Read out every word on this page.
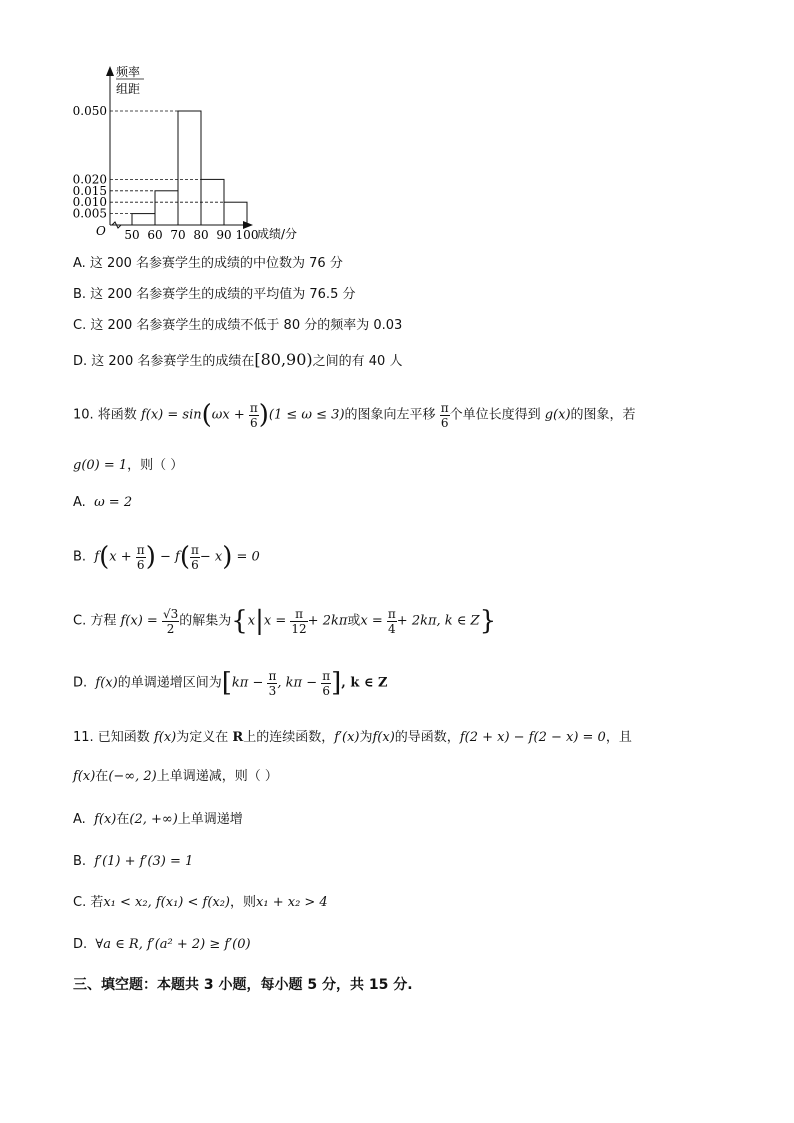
频率
组距
O	成绩/分
0.050
0.020
0.015
0.010
0.005
50 60 70 80 90 100
A. 这 200 名参赛学生的成绩的中位数为 76 分
B. 这 200 名参赛学生的成绩的平均值为 76.5 分
C. 这 200 名参赛学生的成绩不低于 80 分的频率为 0.03
D. 这 200 名参赛学生的成绩在[80,90)之间的有 40 人
10. 将函数 $f(x) = \sin(\omega x + \frac{\pi}{6} )(1 \le \omega \le 3)$的图象向左平移 $\frac{\pi}{6}$ 个单位长度得到 g(x)的图象，若
g(0) = 1，则（ ）
A. ω = 2
B. $f(x + \frac{\pi}{6}$ ) − $f( \frac{\pi}{6} - x) = 0$
C. 方程 $f(x) = \frac{√3}{2}$ 的解集为{$x|x = \frac{\pi}{12} + 2k\pi$或$x = \frac{\pi}{4} + 2k\pi$, k ∈ Z}
D. f(x)的单调递增区间为[$k\pi - \frac{\pi}{3}$ , $k\pi - \frac{\pi}{6}$ ], k ∈ Z
11. 已知函数 f(x)为定义在 R上的连续函数，f′(x)为f(x)的导函数，f(2 + x) − f(2 − x) = 0，且
f(x)在(−∞, 2)上单调递减，则（ ）
A. f(x)在(2, +∞)上单调递增
B. f′(1) + f′(3) = 1
C. 若x₁ < x₂, f(x₁) < f(x₂)，则x₁ + x₂ > 4
D. ∀a ∈ R, f′(a² + 2) ≥ f′(0)
三、填空题：本题共 3 小题，每小题 5 分，共 15 分.
